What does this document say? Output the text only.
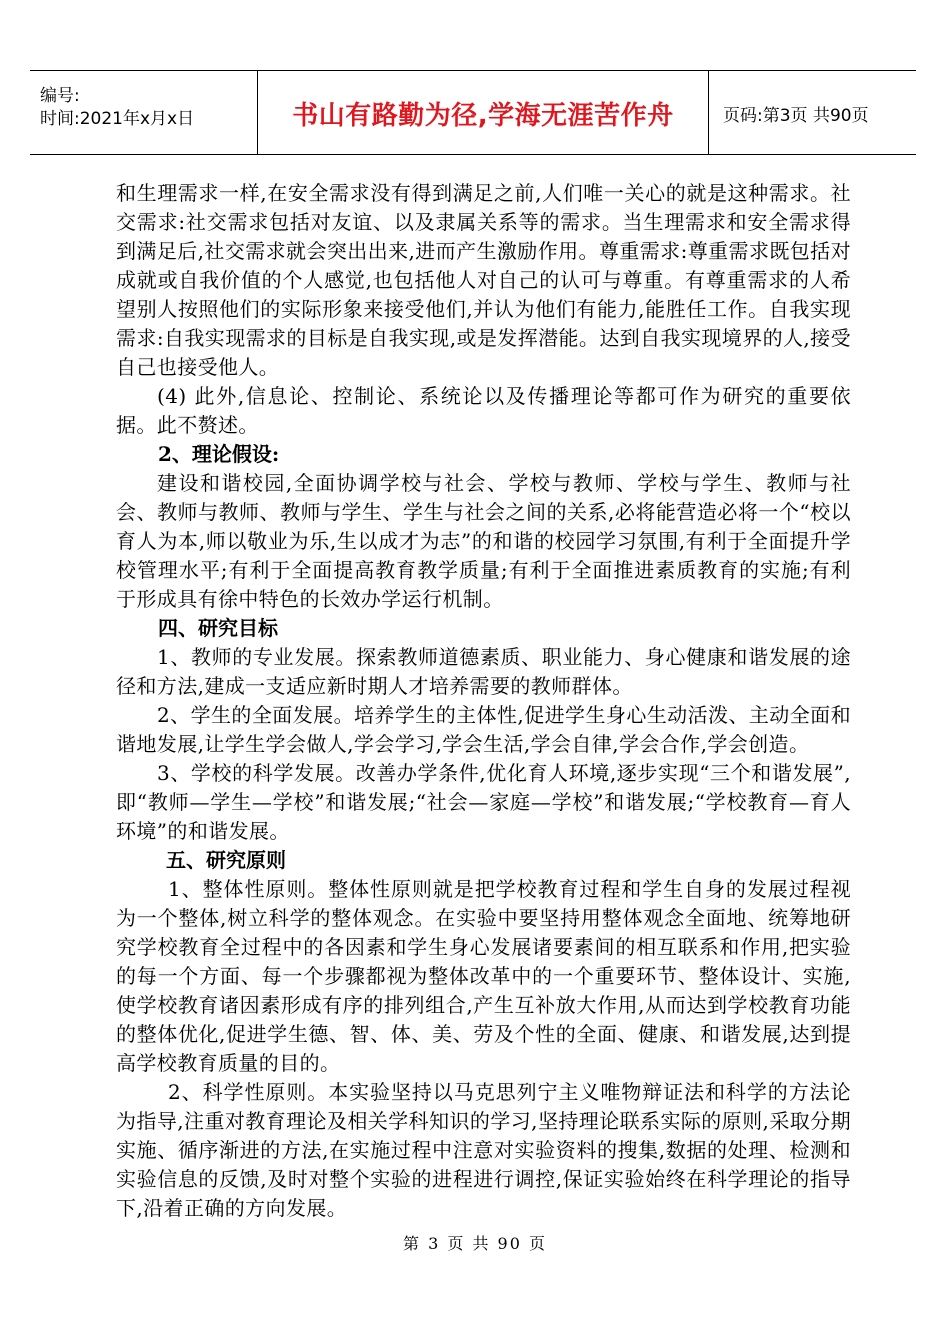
编号:
时间:2021年x月x日	书山有路勤为径,学海无涯苦作舟	页码:第3页 共90页

和生理需求一样,在安全需求没有得到满足之前,人们唯一关心的就是这种需求。社交需求:社交需求包括对友谊、以及隶属关系等的需求。当生理需求和安全需求得到满足后,社交需求就会突出出来,进而产生激励作用。尊重需求:尊重需求既包括对成就或自我价值的个人感觉,也包括他人对自己的认可与尊重。有尊重需求的人希望别人按照他们的实际形象来接受他们,并认为他们有能力,能胜任工作。自我实现需求:自我实现需求的目标是自我实现,或是发挥潜能。达到自我实现境界的人,接受自己也接受他人。

(4) 此外,信息论、控制论、系统论以及传播理论等都可作为研究的重要依据。此不赘述。

2、理论假设:

建设和谐校园,全面协调学校与社会、学校与教师、学校与学生、教师与社会、教师与教师、教师与学生、学生与社会之间的关系,必将能营造必将一个“校以育人为本,师以敬业为乐,生以成才为志”的和谐的校园学习氛围,有利于全面提升学校管理水平;有利于全面提高教育教学质量;有利于全面推进素质教育的实施;有利于形成具有徐中特色的长效办学运行机制。

四、研究目标

1、教师的专业发展。探索教师道德素质、职业能力、身心健康和谐发展的途径和方法,建成一支适应新时期人才培养需要的教师群体。

2、学生的全面发展。培养学生的主体性,促进学生身心生动活泼、主动全面和谐地发展,让学生学会做人,学会学习,学会生活,学会自律,学会合作,学会创造。

3、学校的科学发展。改善办学条件,优化育人环境,逐步实现“三个和谐发展”,即“教师—学生—学校”和谐发展;“社会—家庭—学校”和谐发展;“学校教育—育人环境”的和谐发展。

五、研究原则

1、整体性原则。整体性原则就是把学校教育过程和学生自身的发展过程视为一个整体,树立科学的整体观念。在实验中要坚持用整体观念全面地、统筹地研究学校教育全过程中的各因素和学生身心发展诸要素间的相互联系和作用,把实验的每一个方面、每一个步骤都视为整体改革中的一个重要环节、整体设计、实施,使学校教育诸因素形成有序的排列组合,产生互补放大作用,从而达到学校教育功能的整体优化,促进学生德、智、体、美、劳及个性的全面、健康、和谐发展,达到提高学校教育质量的目的。

2、科学性原则。本实验坚持以马克思列宁主义唯物辩证法和科学的方法论为指导,注重对教育理论及相关学科知识的学习,坚持理论联系实际的原则,采取分期实施、循序渐进的方法,在实施过程中注意对实验资料的搜集,数据的处理、检测和实验信息的反馈,及时对整个实验的进程进行调控,保证实验始终在科学理论的指导下,沿着正确的方向发展。

第 3 页 共 90 页
